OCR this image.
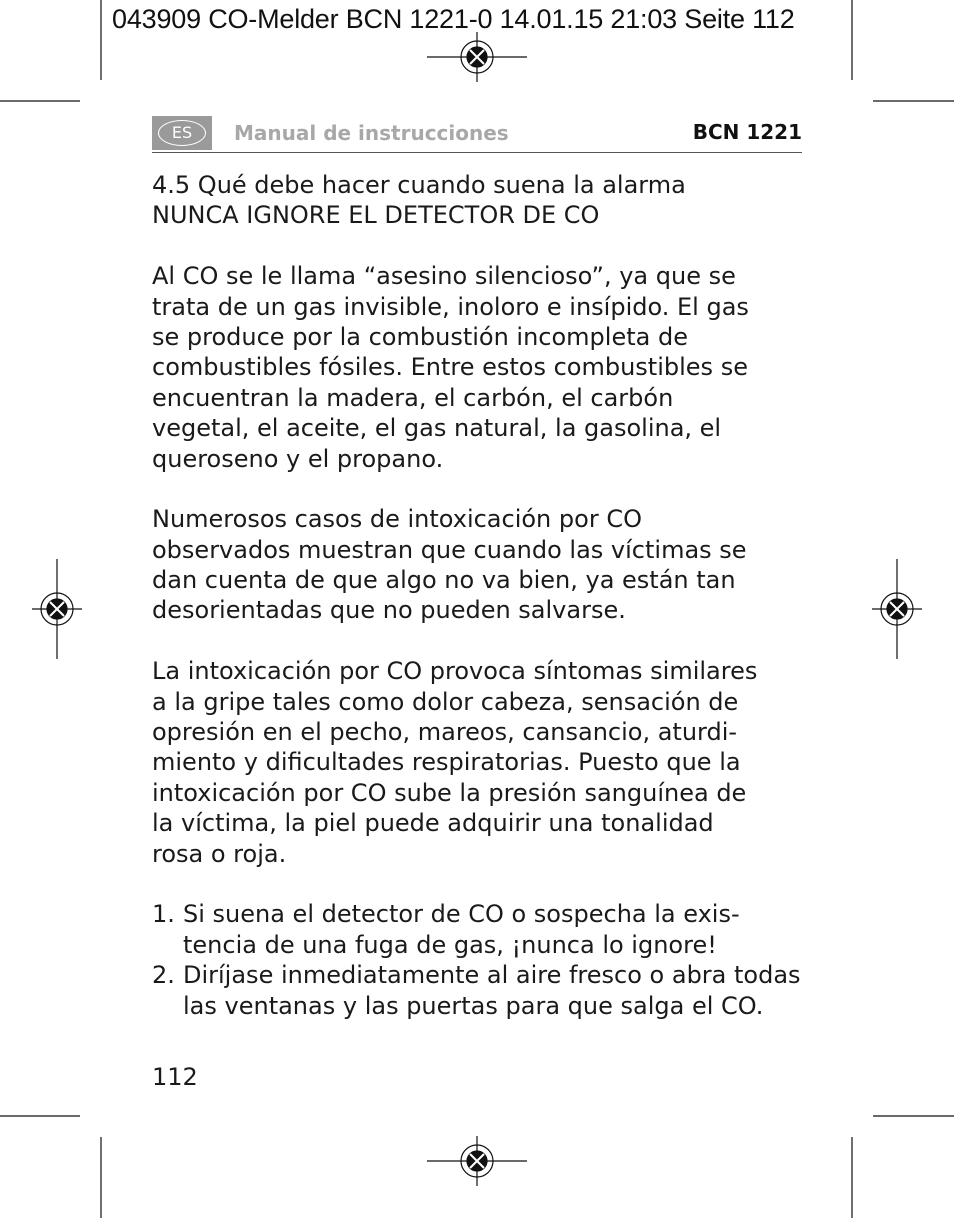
043909 CO-Melder BCN 1221-0 14.01.15 21:03 Seite 112
ES	Manual de instrucciones	BCN 1221
4.5 Qué debe hacer cuando suena la alarma
NUNCA IGNORE EL DETECTOR DE CO
Al CO se le llama “asesino silencioso”, ya que se
trata de un gas invisible, inoloro e insípido. El gas
se produce por la combustión incompleta de
combustibles fósiles. Entre estos combustibles se
encuentran la madera, el carbón, el carbón
vegetal, el aceite, el gas natural, la gasolina, el
queroseno y el propano.
Numerosos casos de intoxicación por CO
observados muestran que cuando las víctimas se
dan cuenta de que algo no va bien, ya están tan
desorientadas que no pueden salvarse.
La intoxicación por CO provoca síntomas similares
a la gripe tales como dolor cabeza, sensación de
opresión en el pecho, mareos, cansancio, aturdi-
miento y dificultades respiratorias. Puesto que la
intoxicación por CO sube la presión sanguínea de
la víctima, la piel puede adquirir una tonalidad
rosa o roja.
1. Si suena el detector de CO o sospecha la exis-
tencia de una fuga de gas, ¡nunca lo ignore!
2. Diríjase inmediatamente al aire fresco o abra todas
las ventanas y las puertas para que salga el CO.
112
